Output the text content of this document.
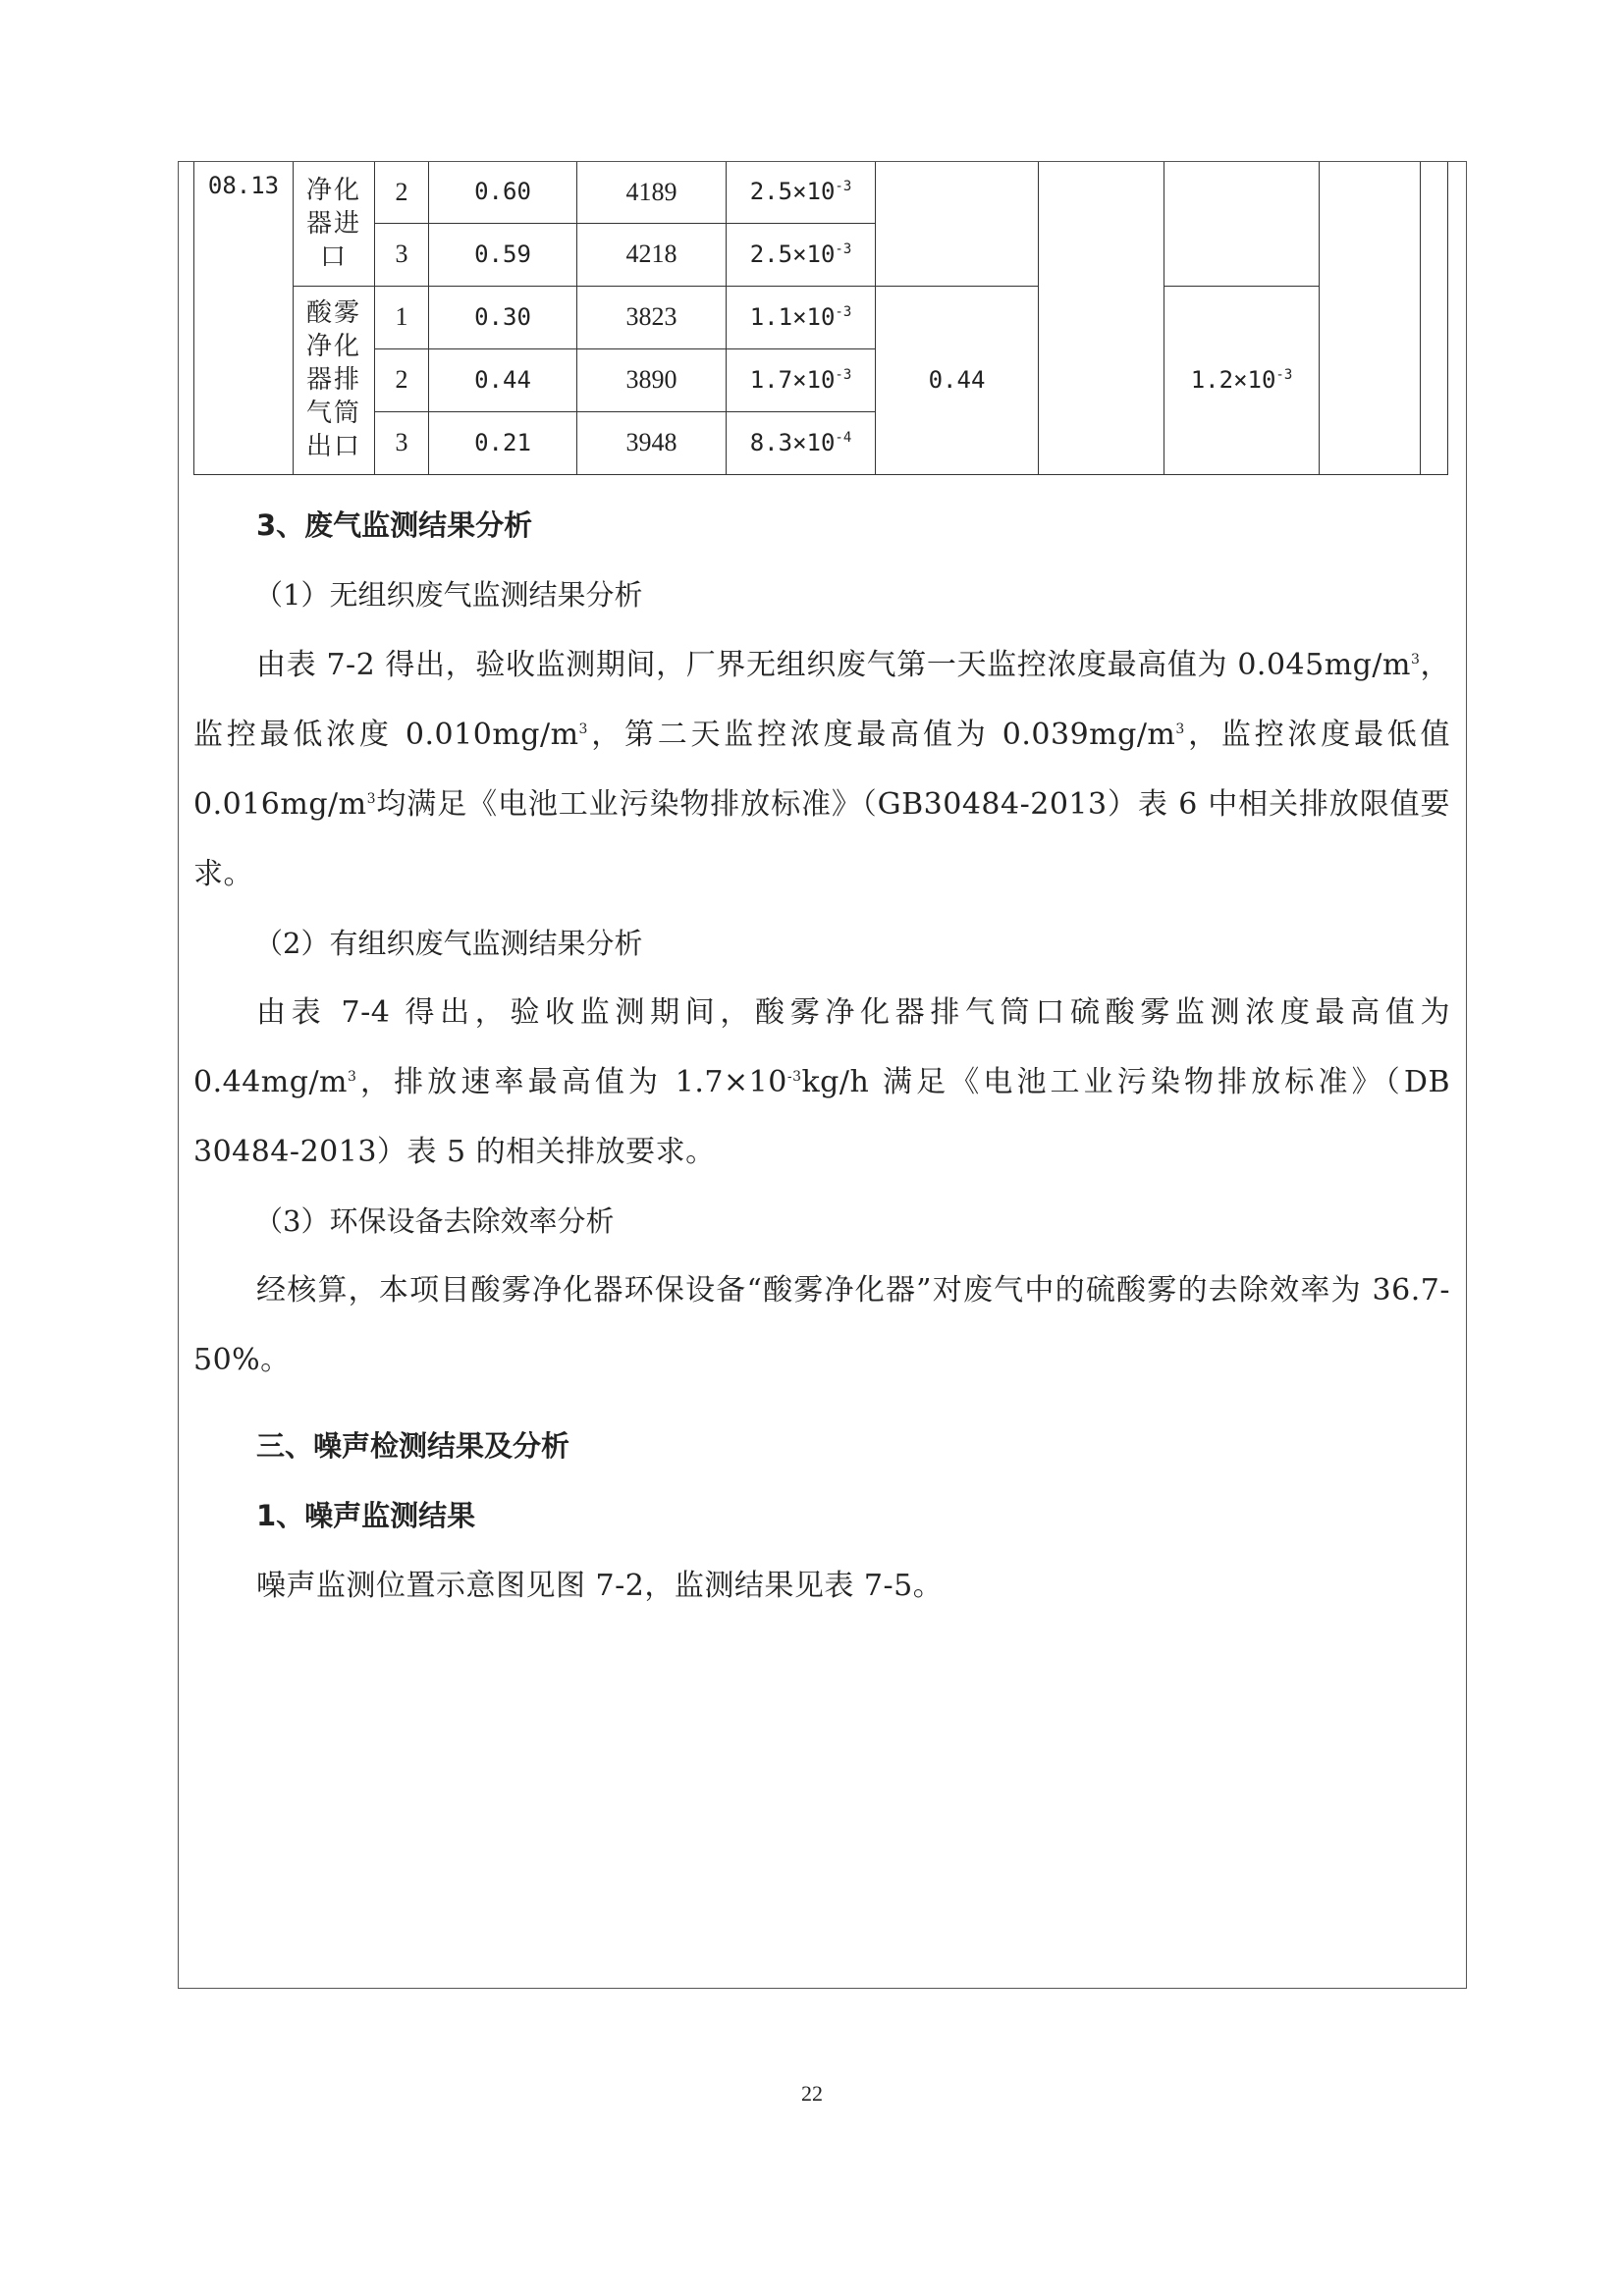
08.13	净化器进口	2	0.60	4189	$2.5\times 10^{-3}$					
		3	0.59	4218	$2.5\times 10^{-3}$
	酸雾净化器排气筒出口	1	0.30	3823	$1.1\times 10^{-3}$	0.44		$1.2\times 10^{-3}$
		2	0.44	3890	$1.7\times 10^{-3}$
		3	0.21	3948	$8.3\times 10^{-4}$
3、废气监测结果分析
（1）无组织废气监测结果分析

由表 7-2 得出，验收监测期间，厂界无组织废气第一天监控浓度最高值为 $0.045mg/m^3$，监控最低浓度 $0.010mg/m^3$，第二天监控浓度最高值为 $0.039mg/m^3$，监控浓度最低值 $0.016mg/m^3$均满足《电池工业污染物排放标准》（GB30484-2013）表 6 中相关排放限值要求。

（2）有组织废气监测结果分析

由表 7-4 得出，验收监测期间，酸雾净化器排气筒口硫酸雾监测浓度最高值为 $0.44mg/m^3$，排放速率最高值为 $1.7\times 10^{-3}kg/h$ 满足《电池工业污染物排放标准》（DB 30484-2013）表 5 的相关排放要求。

（3）环保设备去除效率分析

经核算，本项目酸雾净化器环保设备“酸雾净化器”对废气中的硫酸雾的去除效率为 36.7-50%。

三、噪声检测结果及分析
1、噪声监测结果

噪声监测位置示意图见图 7-2，监测结果见表 7-5。

22
